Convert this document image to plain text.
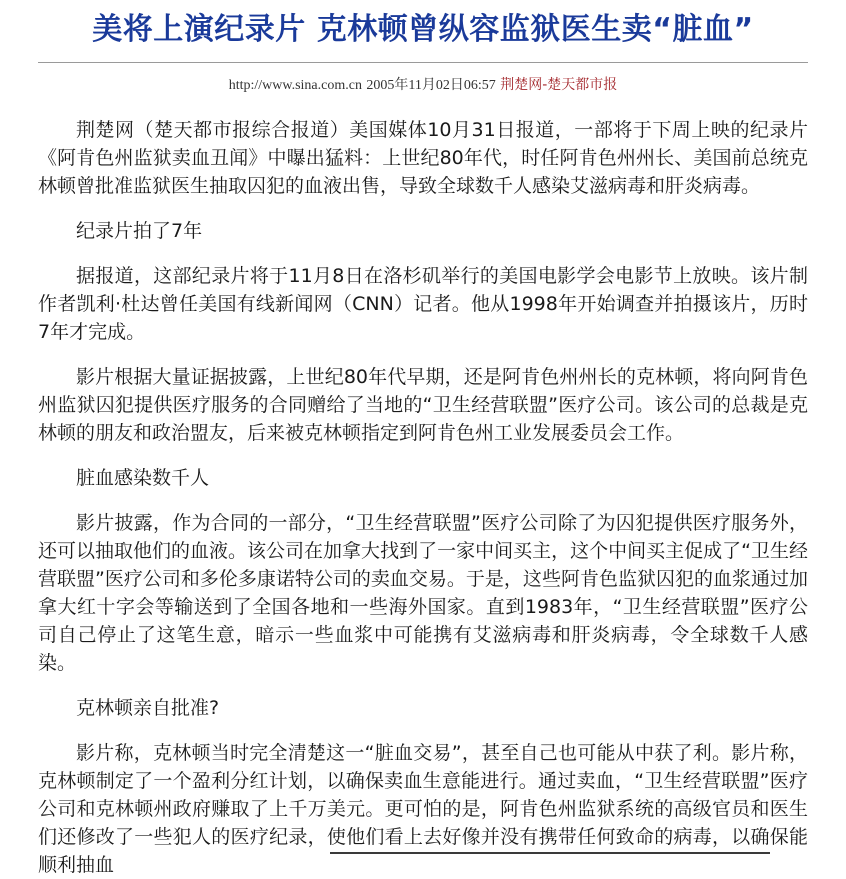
美将上演纪录片 克林顿曾纵容监狱医生卖“脏血”
http://www.sina.com.cn 2005年11月02日06:57 荆楚网-楚天都市报

荆楚网（楚天都市报综合报道）美国媒体10月31日报道，一部将于下周上映的纪录片《阿肯色州监狱卖血丑闻》中曝出猛料：上世纪80年代，时任阿肯色州州长、美国前总统克林顿曾批准监狱医生抽取囚犯的血液出售，导致全球数千人感染艾滋病毒和肝炎病毒。

纪录片拍了7年

据报道，这部纪录片将于11月8日在洛杉矶举行的美国电影学会电影节上放映。该片制作者凯利·杜达曾任美国有线新闻网（CNN）记者。他从1998年开始调查并拍摄该片，历时7年才完成。

影片根据大量证据披露，上世纪80年代早期，还是阿肯色州州长的克林顿，将向阿肯色州监狱囚犯提供医疗服务的合同赠给了当地的“卫生经营联盟”医疗公司。该公司的总裁是克林顿的朋友和政治盟友，后来被克林顿指定到阿肯色州工业发展委员会工作。

脏血感染数千人

影片披露，作为合同的一部分，“卫生经营联盟”医疗公司除了为囚犯提供医疗服务外，还可以抽取他们的血液。该公司在加拿大找到了一家中间买主，这个中间买主促成了“卫生经营联盟”医疗公司和多伦多康诺特公司的卖血交易。于是，这些阿肯色监狱囚犯的血浆通过加拿大红十字会等输送到了全国各地和一些海外国家。直到1983年，“卫生经营联盟”医疗公司自己停止了这笔生意，暗示一些血浆中可能携有艾滋病毒和肝炎病毒，令全球数千人感染。

克林顿亲自批准?

影片称，克林顿当时完全清楚这一“脏血交易”，甚至自己也可能从中获了利。影片称，克林顿制定了一个盈利分红计划，以确保卖血生意能进行。通过卖血，“卫生经营联盟”医疗公司和克林顿州政府赚取了上千万美元。更可怕的是，阿肯色州监狱系统的高级官员和医生们还修改了一些犯人的医疗纪录，使他们看上去好像并没有携带任何致命的病毒，以确保能顺利抽血
